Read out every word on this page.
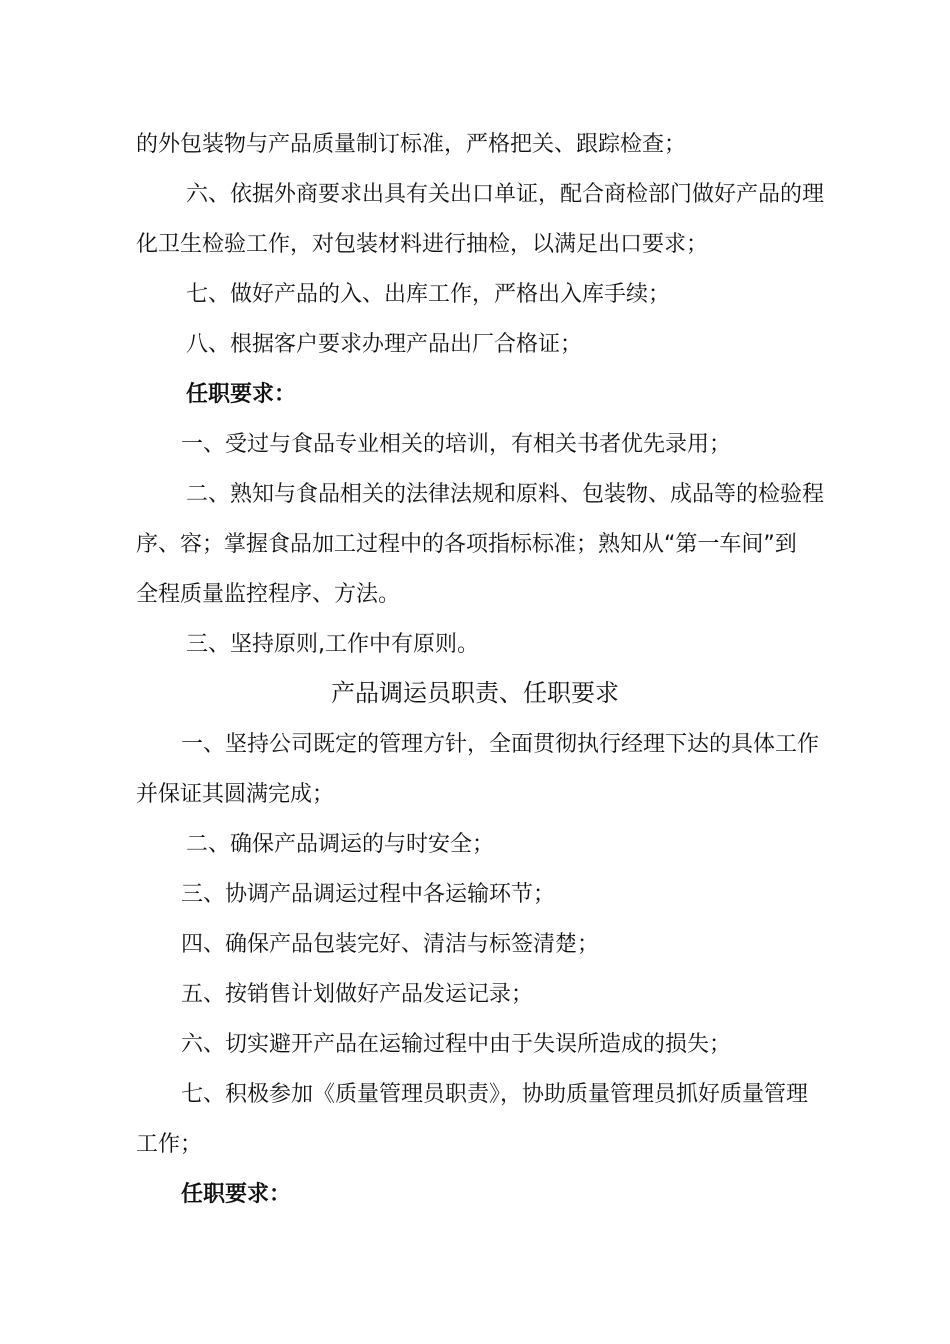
的外包装物与产品质量制订标准，严格把关、跟踪检查；
六、依据外商要求出具有关出口单证，配合商检部门做好产品的理
化卫生检验工作，对包装材料进行抽检，以满足出口要求；
七、做好产品的入、出库工作，严格出入库手续；
八、根据客户要求办理产品出厂合格证；
任职要求：
一、受过与食品专业相关的培训，有相关书者优先录用；
二、熟知与食品相关的法律法规和原料、包装物、成品等的检验程
序、容；掌握食品加工过程中的各项指标标准；熟知从“第一车间”到
全程质量监控程序、方法。
三、坚持原则,工作中有原则。
产品调运员职责、任职要求
一、坚持公司既定的管理方针，全面贯彻执行经理下达的具体工作
并保证其圆满完成；
二、确保产品调运的与时安全；
三、协调产品调运过程中各运输环节；
四、确保产品包装完好、清洁与标签清楚；
五、按销售计划做好产品发运记录；
六、切实避开产品在运输过程中由于失误所造成的损失；
七、积极参加《质量管理员职责》，协助质量管理员抓好质量管理
工作；
任职要求：
